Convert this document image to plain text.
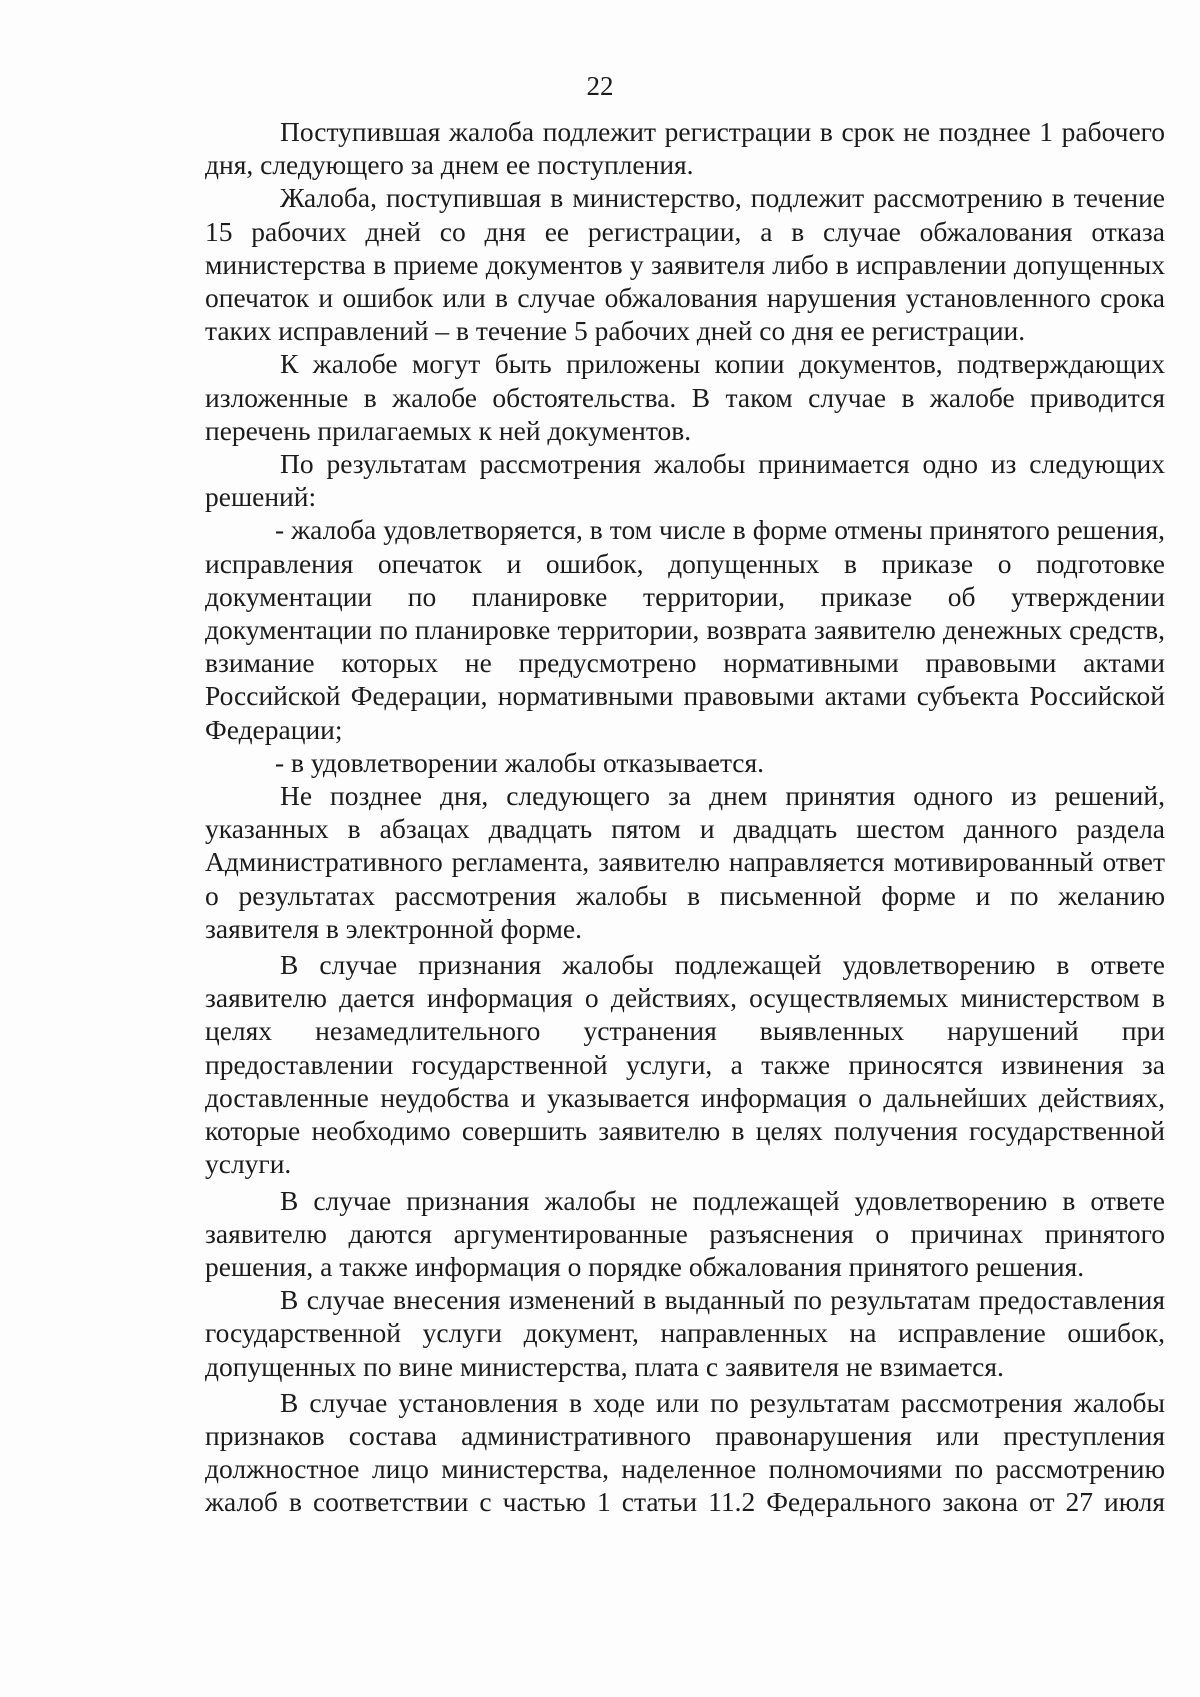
22

Поступившая жалоба подлежит регистрации в срок не позднее 1 рабочего дня, следующего за днем ее поступления.

Жалоба, поступившая в министерство, подлежит рассмотрению в течение 15 рабочих дней со дня ее регистрации, а в случае обжалования отказа министерства в приеме документов у заявителя либо в исправлении допущенных опечаток и ошибок или в случае обжалования нарушения установленного срока таких исправлений – в течение 5 рабочих дней со дня ее регистрации.

К жалобе могут быть приложены копии документов, подтверждающих изложенные в жалобе обстоятельства. В таком случае в жалобе приводится перечень прилагаемых к ней документов.

По результатам рассмотрения жалобы принимается одно из следующих решений:

- жалоба удовлетворяется, в том числе в форме отмены принятого решения, исправления опечаток и ошибок, допущенных в приказе о подготовке документации по планировке территории, приказе об утверждении документации по планировке территории, возврата заявителю денежных средств, взимание которых не предусмотрено нормативными правовыми актами Российской Федерации, нормативными правовыми актами субъекта Российской Федерации;

- в удовлетворении жалобы отказывается.

Не позднее дня, следующего за днем принятия одного из решений, указанных в абзацах двадцать пятом и двадцать шестом данного раздела Административного регламента, заявителю направляется мотивированный ответ о результатах рассмотрения жалобы в письменной форме и по желанию заявителя в электронной форме.

В случае признания жалобы подлежащей удовлетворению в ответе заявителю дается информация о действиях, осуществляемых министерством в целях незамедлительного устранения выявленных нарушений при предоставлении государственной услуги, а также приносятся извинения за доставленные неудобства и указывается информация о дальнейших действиях, которые необходимо совершить заявителю в целях получения государственной услуги.

В случае признания жалобы не подлежащей удовлетворению в ответе заявителю даются аргументированные разъяснения о причинах принятого решения, а также информация о порядке обжалования принятого решения.

В случае внесения изменений в выданный по результатам предоставления государственной услуги документ, направленных на исправление ошибок, допущенных по вине министерства, плата с заявителя не взимается.

В случае установления в ходе или по результатам рассмотрения жалобы признаков состава административного правонарушения или преступления должностное лицо министерства, наделенное полномочиями по рассмотрению жалоб в соответствии с частью 1 статьи 11.2 Федерального закона от 27 июля
